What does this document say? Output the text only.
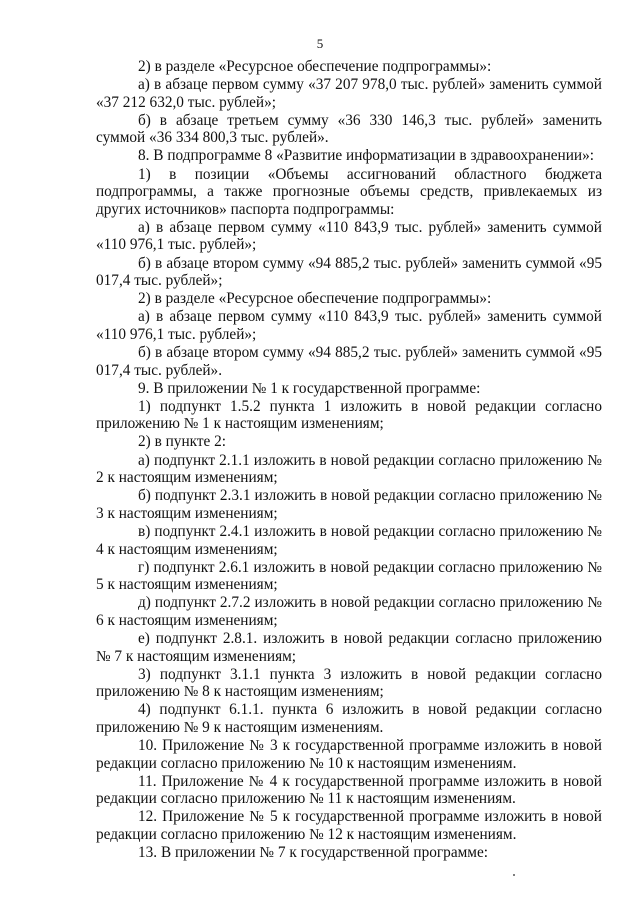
5

2) в разделе «Ресурсное обеспечение подпрограммы»:

а) в абзаце первом сумму «37 207 978,0 тыс. рублей» заменить суммой «37 212 632,0 тыс. рублей»;

б) в абзаце третьем сумму «36 330 146,3 тыс. рублей» заменить суммой «36 334 800,3 тыс. рублей».

8. В подпрограмме 8 «Развитие информатизации в здравоохранении»:

1) в позиции «Объемы ассигнований областного бюджета подпрограммы, а также прогнозные объемы средств, привлекаемых из других источников» паспорта подпрограммы:

а) в абзаце первом сумму «110 843,9 тыс. рублей» заменить суммой «110 976,1 тыс. рублей»;

б) в абзаце втором сумму «94 885,2 тыс. рублей» заменить суммой «95 017,4 тыс. рублей»;

2) в разделе «Ресурсное обеспечение подпрограммы»:

а) в абзаце первом сумму «110 843,9 тыс. рублей» заменить суммой «110 976,1 тыс. рублей»;

б) в абзаце втором сумму «94 885,2 тыс. рублей» заменить суммой «95 017,4 тыс. рублей».

9. В приложении № 1 к государственной программе:

1) подпункт 1.5.2 пункта 1 изложить в новой редакции согласно приложению № 1 к настоящим изменениям;

2) в пункте 2:

а) подпункт 2.1.1 изложить в новой редакции согласно приложению № 2 к настоящим изменениям;

б) подпункт 2.3.1 изложить в новой редакции согласно приложению № 3 к настоящим изменениям;

в) подпункт 2.4.1 изложить в новой редакции согласно приложению № 4 к настоящим изменениям;

г) подпункт 2.6.1 изложить в новой редакции согласно приложению № 5 к настоящим изменениям;

д) подпункт 2.7.2 изложить в новой редакции согласно приложению № 6 к настоящим изменениям;

е) подпункт 2.8.1. изложить в новой редакции согласно приложению № 7 к настоящим изменениям;

3) подпункт 3.1.1 пункта 3 изложить в новой редакции согласно приложению № 8 к настоящим изменениям;

4) подпункт 6.1.1. пункта 6 изложить в новой редакции согласно приложению № 9 к настоящим изменениям.

10. Приложение № 3 к государственной программе изложить в новой редакции согласно приложению № 10 к настоящим изменениям.

11. Приложение № 4 к государственной программе изложить в новой редакции согласно приложению № 11 к настоящим изменениям.

12. Приложение № 5 к государственной программе изложить в новой редакции согласно приложению № 12 к настоящим изменениям.

13. В приложении № 7 к государственной программе:
